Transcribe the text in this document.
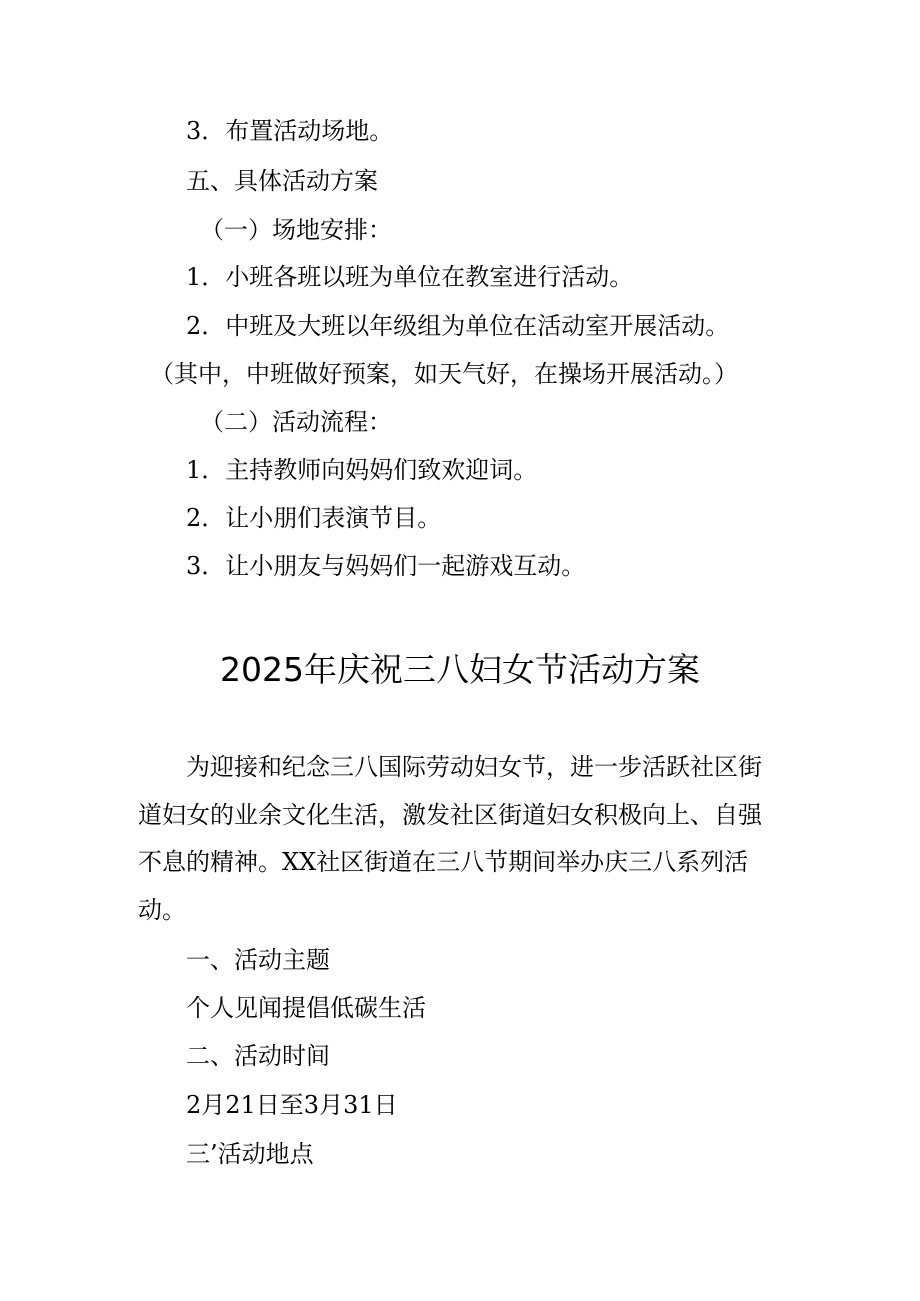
3．布置活动场地。
五、具体活动方案
（一）场地安排：
1．小班各班以班为单位在教室进行活动。
2．中班及大班以年级组为单位在活动室开展活动。
（其中，中班做好预案，如天气好，在操场开展活动。）
（二）活动流程：
1．主持教师向妈妈们致欢迎词。
2．让小朋们表演节目。
3．让小朋友与妈妈们一起游戏互动。
2025年庆祝三八妇女节活动方案
为迎接和纪念三八国际劳动妇女节，进一步活跃社区街
道妇女的业余文化生活，激发社区街道妇女积极向上、自强
不息的精神。XX社区街道在三八节期间举办庆三八系列活
动。
一、活动主题
个人见闻提倡低碳生活
二、活动时间
2月21日至3月31日
三’活动地点
